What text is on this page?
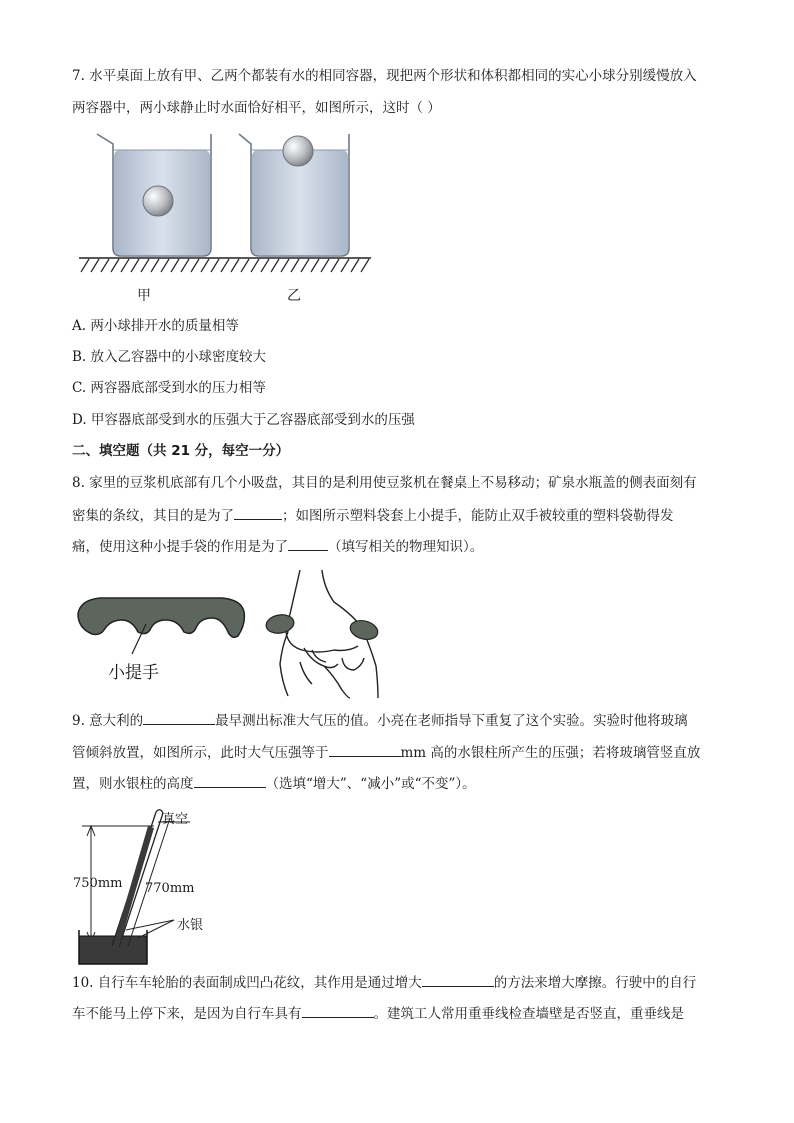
7. 水平桌面上放有甲、乙两个都装有水的相同容器，现把两个形状和体积都相同的实心小球分别缓慢放入
两容器中，两小球静止时水面恰好相平，如图所示，这时（ ）
甲	乙
A. 两小球排开水的质量相等
B. 放入乙容器中的小球密度较大
C. 两容器底部受到水的压力相等
D. 甲容器底部受到水的压强大于乙容器底部受到水的压强
二、填空题（共 21 分，每空一分）
8. 家里的豆浆机底部有几个小吸盘，其目的是利用使豆浆机在餐桌上不易移动；矿泉水瓶盖的侧表面刻有
密集的条纹，其目的是为了	；如图所示塑料袋套上小提手，能防止双手被较重的塑料袋勒得发
痛，使用这种小提手袋的作用是为了	（填写相关的物理知识）。
小提手
9. 意大利的	最早测出标准大气压的值。小亮在老师指导下重复了这个实验。实验时他将玻璃
管倾斜放置，如图所示，此时大气压强等于	mm 高的水银柱所产生的压强；若将玻璃管竖直放
置，则水银柱的高度	（选填“增大”、“减小”或“不变”）。
真空
750mm 770mm
水银
10. 自行车车轮胎的表面制成凹凸花纹，其作用是通过增大	的方法来增大摩擦。行驶中的自行
车不能马上停下来，是因为自行车具有	。建筑工人常用重垂线检查墙壁是否竖直，重垂线是
